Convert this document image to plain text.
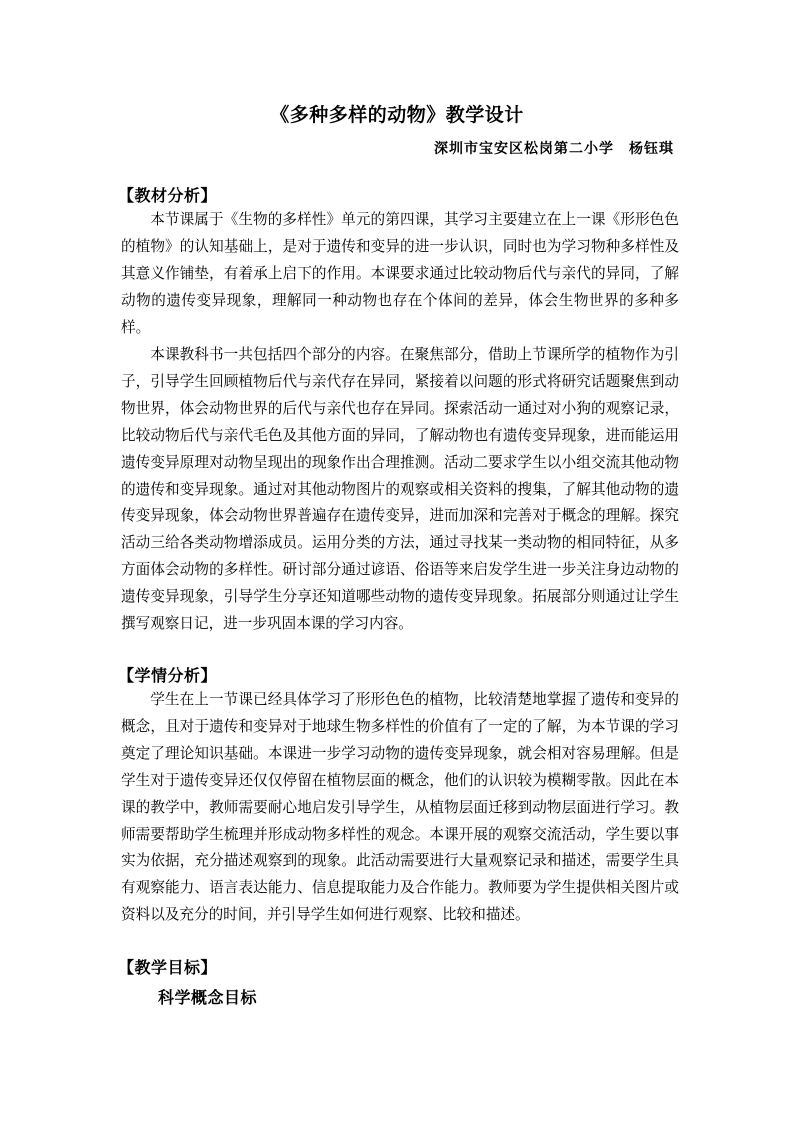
《多种多样的动物》教学设计
深圳市宝安区松岗第二小学　杨钰琪
【教材分析】

本节课属于《生物的多样性》单元的第四课，其学习主要建立在上一课《形形色色的植物》的认知基础上，是对于遗传和变异的进一步认识，同时也为学习物种多样性及其意义作铺垫，有着承上启下的作用。本课要求通过比较动物后代与亲代的异同，了解动物的遗传变异现象，理解同一种动物也存在个体间的差异，体会生物世界的多种多样。

本课教科书一共包括四个部分的内容。在聚焦部分，借助上节课所学的植物作为引子，引导学生回顾植物后代与亲代存在异同，紧接着以问题的形式将研究话题聚焦到动物世界，体会动物世界的后代与亲代也存在异同。探索活动一通过对小狗的观察记录，比较动物后代与亲代毛色及其他方面的异同，了解动物也有遗传变异现象，进而能运用遗传变异原理对动物呈现出的现象作出合理推测。活动二要求学生以小组交流其他动物的遗传和变异现象。通过对其他动物图片的观察或相关资料的搜集，了解其他动物的遗传变异现象，体会动物世界普遍存在遗传变异，进而加深和完善对于概念的理解。探究活动三给各类动物增添成员。运用分类的方法，通过寻找某一类动物的相同特征，从多方面体会动物的多样性。研讨部分通过谚语、俗语等来启发学生进一步关注身边动物的遗传变异现象，引导学生分享还知道哪些动物的遗传变异现象。拓展部分则通过让学生撰写观察日记，进一步巩固本课的学习内容。

【学情分析】

学生在上一节课已经具体学习了形形色色的植物，比较清楚地掌握了遗传和变异的概念，且对于遗传和变异对于地球生物多样性的价值有了一定的了解，为本节课的学习奠定了理论知识基础。本课进一步学习动物的遗传变异现象，就会相对容易理解。但是学生对于遗传变异还仅仅停留在植物层面的概念，他们的认识较为模糊零散。因此在本课的教学中，教师需要耐心地启发引导学生，从植物层面迁移到动物层面进行学习。教师需要帮助学生梳理并形成动物多样性的观念。本课开展的观察交流活动，学生要以事实为依据，充分描述观察到的现象。此活动需要进行大量观察记录和描述，需要学生具有观察能力、语言表达能力、信息提取能力及合作能力。教师要为学生提供相关图片或资料以及充分的时间，并引导学生如何进行观察、比较和描述。

【教学目标】
科学概念目标
